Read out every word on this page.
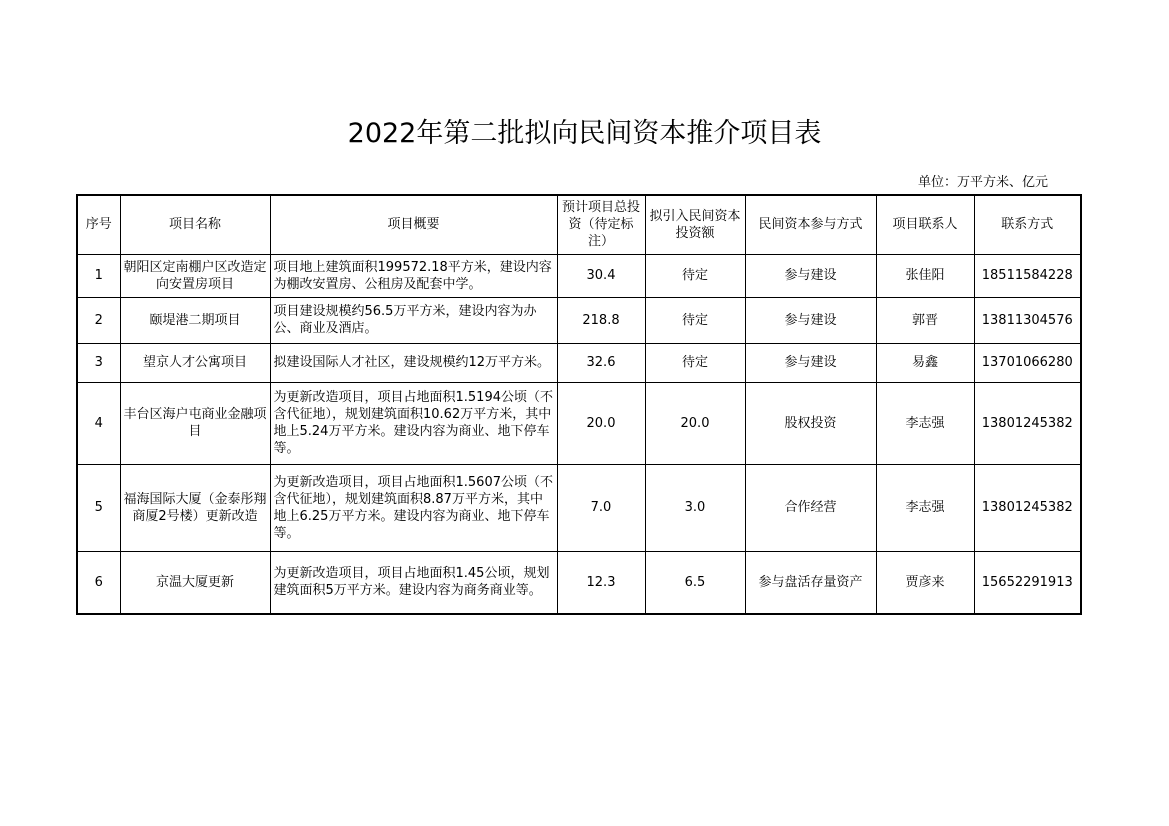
2022年第二批拟向民间资本推介项目表
单位：万平方米、亿元
序号	项目名称	项目概要	预计项目总投资（待定标注）	拟引入民间资本投资额	民间资本参与方式	项目联系人	联系方式
1	朝阳区定南棚户区改造定向安置房项目	项目地上建筑面积199572.18平方米，建设内容为棚改安置房、公租房及配套中学。	30.4	待定	参与建设	张佳阳	18511584228
2	颐堤港二期项目	项目建设规模约56.5万平方米，建设内容为办公、商业及酒店。	218.8	待定	参与建设	郭晋	13811304576
3	望京人才公寓项目	拟建设国际人才社区，建设规模约12万平方米。	32.6	待定	参与建设	易鑫	13701066280
4	丰台区海户屯商业金融项目	为更新改造项目，项目占地面积1.5194公顷（不含代征地），规划建筑面积10.62万平方米，其中地上5.24万平方米。建设内容为商业、地下停车等。	20.0	20.0	股权投资	李志强	13801245382
5	福海国际大厦（金泰彤翔商厦2号楼）更新改造	为更新改造项目，项目占地面积1.5607公顷（不含代征地），规划建筑面积8.87万平方米，其中地上6.25万平方米。建设内容为商业、地下停车等。	7.0	3.0	合作经营	李志强	13801245382
6	京温大厦更新	为更新改造项目，项目占地面积1.45公顷，规划建筑面积5万平方米。建设内容为商务商业等。	12.3	6.5	参与盘活存量资产	贾彦来	15652291913
